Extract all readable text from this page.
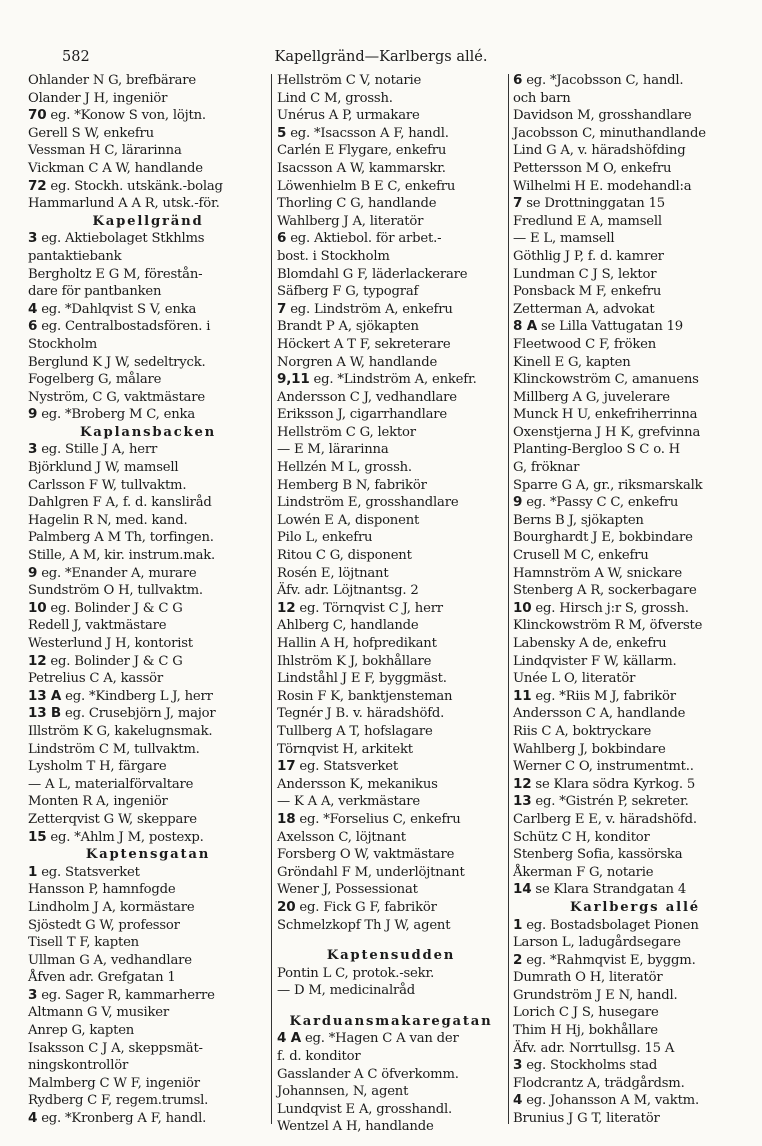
582	Kapellgränd—Karlbergs allé.
Ohlander N G, brefbärare
Olander J H, ingeniör
70 eg. *Konow S von, löjtn.
Gerell S W, enkefru
Vessman H C, lärarinna
Vickman C A W, handlande
72 eg. Stockh. utskänk.-bolag
Hammarlund A A R, utsk.-för.
Kapellgränd
3 eg. Aktiebolaget Stkhlms
pantaktiebank
Bergholtz E G M, förestån-
dare för pantbanken
4 eg. *Dahlqvist S V, enka
6 eg. Centralbostadsfören. i
Stockholm
Berglund K J W, sedeltryck.
Fogelberg G, målare
Nyström, C G, vaktmästare
9 eg. *Broberg M C, enka
Kaplansbacken
3 eg. Stille J A, herr
Björklund J W, mamsell
Carlsson F W, tullvaktm.
Dahlgren F A, f. d. kansliråd
Hagelin R N, med. kand.
Palmberg A M Th, torfingen.
Stille, A M, kir. instrum.mak.
9 eg. *Enander A, murare
Sundström O H, tullvaktm.
10 eg. Bolinder J & C G
Redell J, vaktmästare
Westerlund J H, kontorist
12 eg. Bolinder J & C G
Petrelius C A, kassör
13 A eg. *Kindberg L J, herr
13 B eg. Crusebjörn J, major
Illström K G, kakelugnsmak.
Lindström C M, tullvaktm.
Lysholm T H, färgare
— A L, materialförvaltare
Monten R A, ingeniör
Zetterqvist G W, skeppare
15 eg. *Ahlm J M, postexp.
Kaptensgatan
1 eg. Statsverket
Hansson P, hamnfogde
Lindholm J A, kormästare
Sjöstedt G W, professor
Tisell T F, kapten
Ullman G A, vedhandlare
Åfven adr. Grefgatan 1
3 eg. Sager R, kammarherre
Altmann G V, musiker
Anrep G, kapten
Isaksson C J A, skeppsmät-
ningskontrollör
Malmberg C W F, ingeniör
Rydberg C F, regem.trumsl.
4 eg. *Kronberg A F, handl.
Hellström C V, notarie
Lind C M, grossh.
Unérus A P, urmakare
5 eg. *Isacsson A F, handl.
Carlén E Flygare, enkefru
Isacsson A W, kammarskr.
Löwenhielm B E C, enkefru
Thorling C G, handlande
Wahlberg J A, literatör
6 eg. Aktiebol. för arbet.-
bost. i Stockholm
Blomdahl G F, läderlackerare
Säfberg F G, typograf
7 eg. Lindström A, enkefru
Brandt P A, sjökapten
Höckert A T F, sekreterare
Norgren A W, handlande
9,11 eg. *Lindström A, enkefr.
Andersson C J, vedhandlare
Eriksson J, cigarrhandlare
Hellström C G, lektor
— E M, lärarinna
Hellzén M L, grossh.
Hemberg B N, fabrikör
Lindström E, grosshandlare
Lowén E A, disponent
Pilo L, enkefru
Ritou C G, disponent
Rosén E, löjtnant
Äfv. adr. Löjtnantsg. 2
12 eg. Törnqvist C J, herr
Ahlberg C, handlande
Hallin A H, hofpredikant
Ihlström K J, bokhållare
Lindståhl J E F, byggmäst.
Rosin F K, banktjensteman
Tegnér J B. v. häradshöfd.
Tullberg A T, hofslagare
Törnqvist H, arkitekt
17 eg. Statsverket
Andersson K, mekanikus
— K A A, verkmästare
18 eg. *Forselius C, enkefru
Axelsson C, löjtnant
Forsberg O W, vaktmästare
Gröndahl F M, underlöjtnant
Wener J, Possessionat
20 eg. Fick G F, fabrikör
Schmelzkopf Th J W, agent
Kaptensudden
Pontin L C, protok.-sekr.
— D M, medicinalråd
Karduansmakaregatan
4 A eg. *Hagen C A van der
f. d. konditor
Gasslander A C öfverkomm.
Johannsen, N, agent
Lundqvist E A, grosshandl.
Wentzel A H, handlande
6 eg. *Jacobsson C, handl.
och barn
Davidson M, grosshandlare
Jacobsson C, minuthandlande
Lind G A, v. häradshöfding
Pettersson M O, enkefru
Wilhelmi H E. modehandl:a
7 se Drottninggatan 15
Fredlund E A, mamsell
— E L, mamsell
Göthlig J P, f. d. kamrer
Lundman C J S, lektor
Ponsback M F, enkefru
Zetterman A, advokat
8 A se Lilla Vattugatan 19
Fleetwood C F, fröken
Kinell E G, kapten
Klinckowström C, amanuens
Millberg A G, juvelerare
Munck H U, enkefriherrinna
Oxenstjerna J H K, grefvinna
Planting-Bergloo S C o. H
G, fröknar
Sparre G A, gr., riksmarskalk
9 eg. *Passy C C, enkefru
Berns B J, sjökapten
Bourghardt J E, bokbindare
Crusell M C, enkefru
Hamnström A W, snickare
Stenberg A R, sockerbagare
10 eg. Hirsch j:r S, grossh.
Klinckowström R M, öfverste
Labensky A de, enkefru
Lindqvister F W, källarm.
Unée L O, literatör
11 eg. *Riis M J, fabrikör
Andersson C A, handlande
Riis C A, boktryckare
Wahlberg J, bokbindare
Werner C O, instrumentmt..
12 se Klara södra Kyrkog. 5
13 eg. *Gistrén P, sekreter.
Carlberg E E, v. häradshöfd.
Schütz C H, konditor
Stenberg Sofia, kassörska
Åkerman F G, notarie
14 se Klara Strandgatan 4
Karlbergs allé
1 eg. Bostadsbolaget Pionen
Larson L, ladugårdsegare
2 eg. *Rahmqvist E, byggm.
Dumrath O H, literatör
Grundström J E N, handl.
Lorich C J S, husegare
Thim H Hj, bokhållare
Äfv. adr. Norrtullsg. 15 A
3 eg. Stockholms stad
Flodcrantz A, trädgårdsm.
4 eg. Johansson A M, vaktm.
Brunius J G T, literatör
